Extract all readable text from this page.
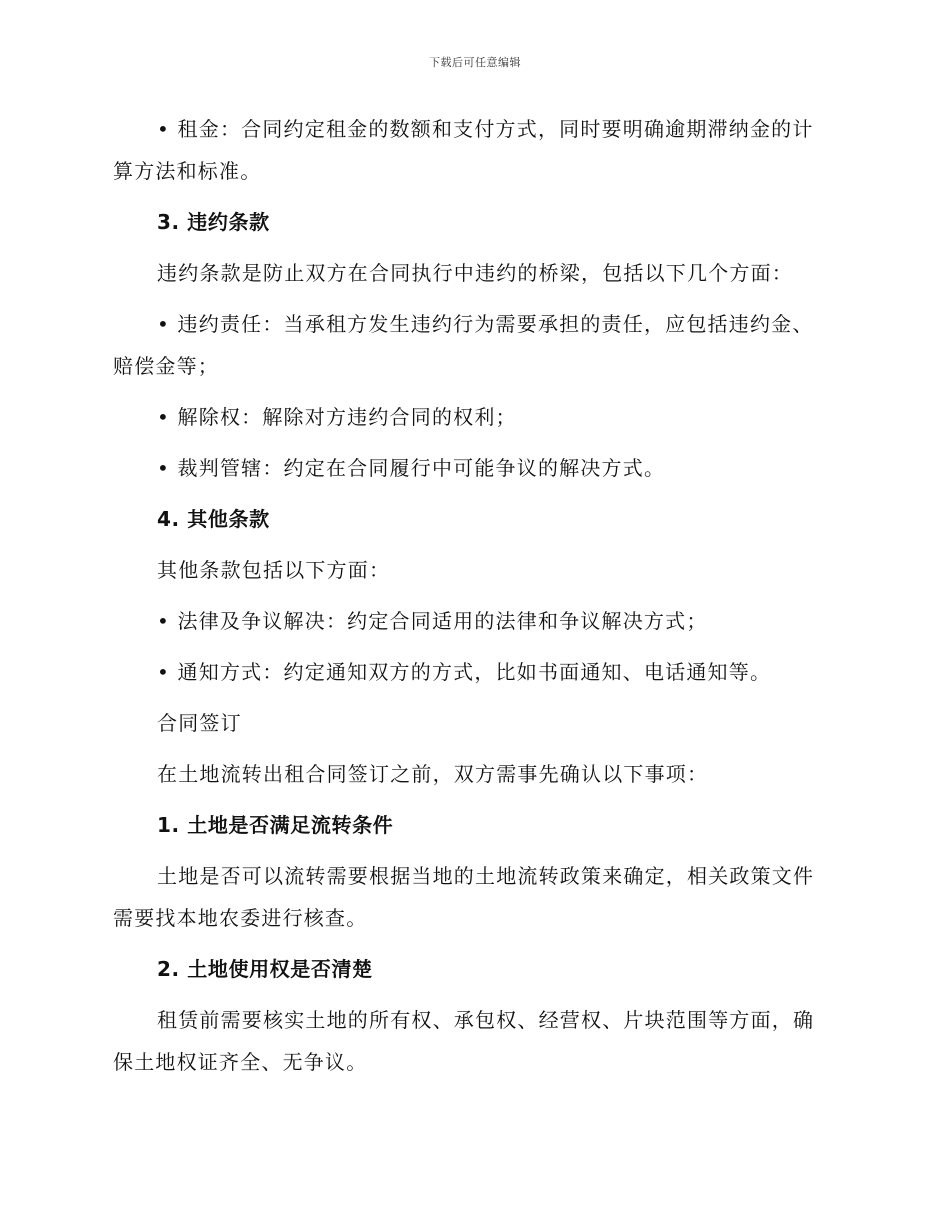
下载后可任意编辑

• 租金：合同约定租金的数额和支付方式，同时要明确逾期滞纳金的计算方法和标准。

3. 违约条款

违约条款是防止双方在合同执行中违约的桥梁，包括以下几个方面：

• 违约责任：当承租方发生违约行为需要承担的责任，应包括违约金、赔偿金等；

• 解除权：解除对方违约合同的权利；

• 裁判管辖：约定在合同履行中可能争议的解决方式。

4. 其他条款

其他条款包括以下方面：

• 法律及争议解决：约定合同适用的法律和争议解决方式；

• 通知方式：约定通知双方的方式，比如书面通知、电话通知等。

合同签订

在土地流转出租合同签订之前，双方需事先确认以下事项：

1. 土地是否满足流转条件

土地是否可以流转需要根据当地的土地流转政策来确定，相关政策文件需要找本地农委进行核查。

2. 土地使用权是否清楚

租赁前需要核实土地的所有权、承包权、经营权、片块范围等方面，确保土地权证齐全、无争议。
